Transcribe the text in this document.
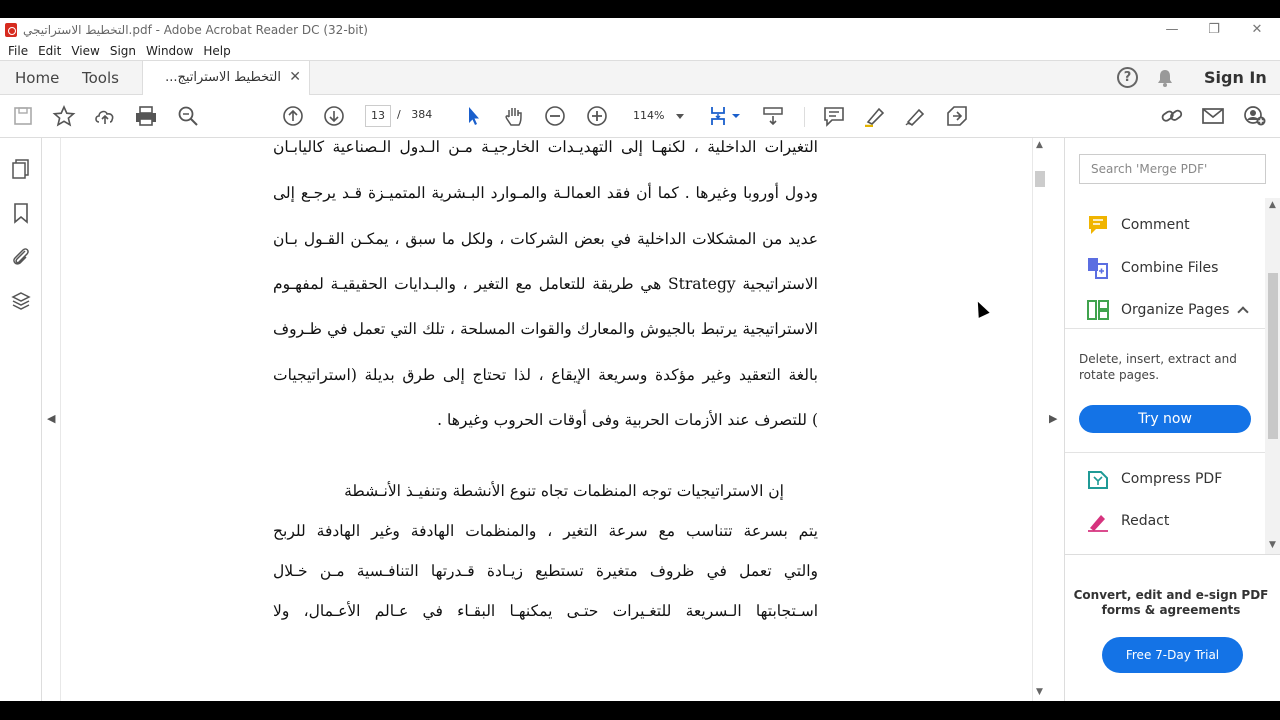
التخطيط الاستراتيجي.pdf - Adobe Acrobat Reader DC (32-bit)	—	❐	✕
File Edit View Sign Window Help
Home Tools	التخطيط الاستراتيج... ✕	?	Sign In
13	/ 384	114%
◀
التغيرات الداخلية ، لكنهـا إلى التهديـدات الخارجيـة مـن الـدول الـصناعية كاليابـان
ودول أوروبا وغيرها . كما أن فقد العمالـة والمـوارد البـشرية المتميـزة قـد يرجـع إلى
عديد من المشكلات الداخلية في بعض الشركات ، ولكل ما سبق ، يمكـن القـول بـان
الاستراتيجية Strategy هي طريقة للتعامل مع التغير ، والبـدايات الحقيقيـة لمفهـوم
الاستراتيجية يرتبط بالجيوش والمعارك والقوات المسلحة ، تلك التي تعمل في ظـروف
بالغة التعقيد وغير مؤكدة وسريعة الإيقاع ، لذا تحتاج إلى طرق بديلة (استراتيجيات
) للتصرف عند الأزمات الحربية وفى أوقات الحروب وغيرها .
إن الاستراتيجيات توجه المنظمات تجاه تنوع الأنشطة وتنفيـذ الأنـشطة
يتم بسرعة تتناسب مع سرعة التغير ، والمنظمات الهادفة وغير الهادفة للربح
والتي تعمل في ظروف متغيرة تستطيع زيـادة قـدرتها التنافـسية مـن خـلال
اسـتجابتها الـسريعة للتغـيرات حتـى يمكنهـا البقـاء في عـالم الأعـمال، ولا
▲
▼
▶
Search 'Merge PDF'
Comment
Combine Files
Organize Pages
Delete, insert, extract and rotate pages.
Try now
Compress PDF
Redact
▲
▼
Convert, edit and e-sign PDF forms & agreements
Free 7-Day Trial
